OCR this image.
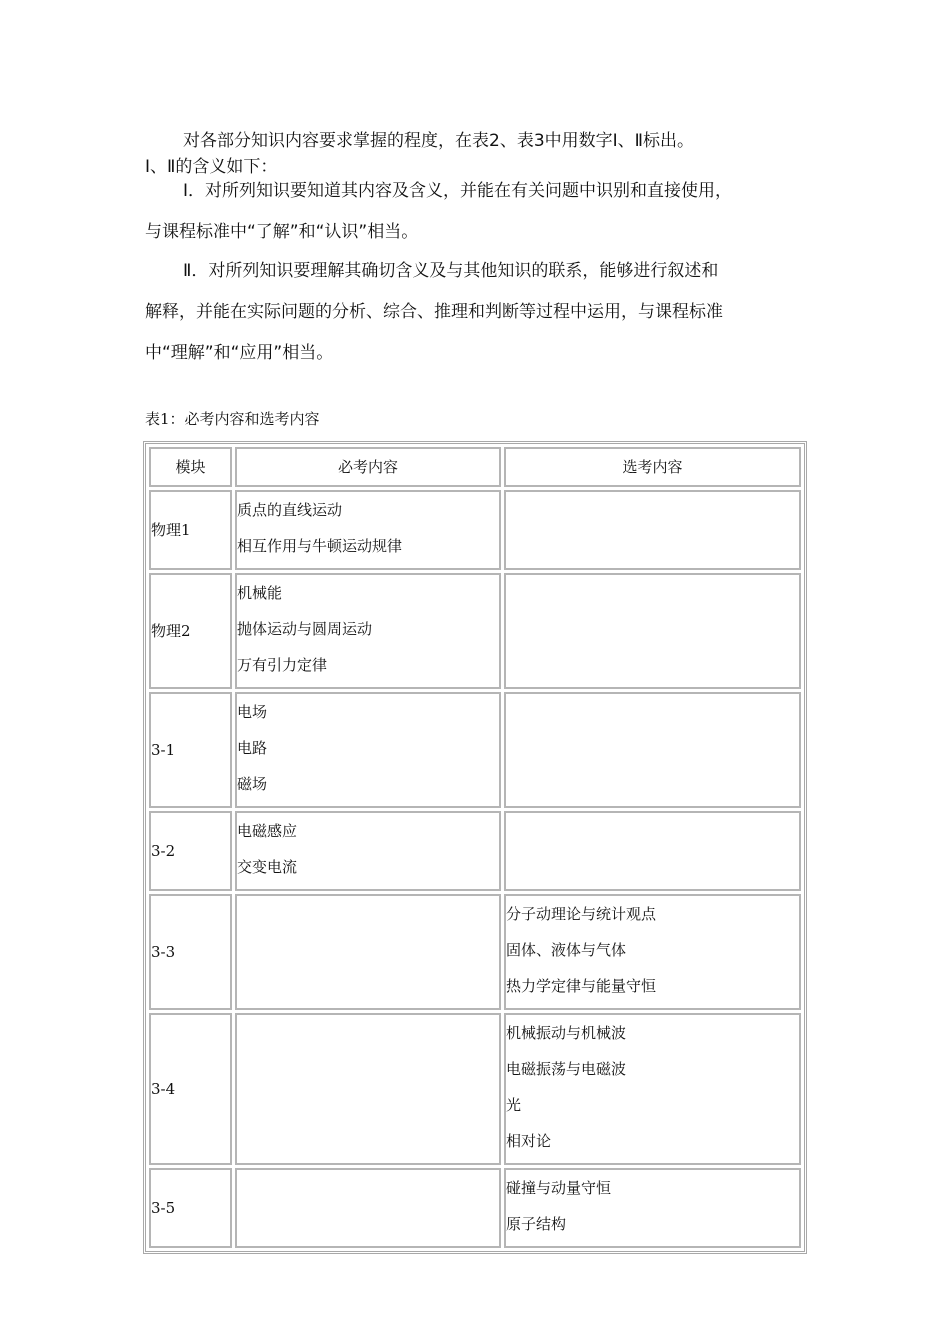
对各部分知识内容要求掌握的程度，在表2、表3中用数字Ⅰ、Ⅱ标出。

Ⅰ、Ⅱ的含义如下：

Ⅰ．对所列知识要知道其内容及含义，并能在有关问题中识别和直接使用，

与课程标准中“了解”和“认识”相当。

Ⅱ．对所列知识要理解其确切含义及与其他知识的联系，能够进行叙述和

解释，并能在实际问题的分析、综合、推理和判断等过程中运用，与课程标准

中“理解”和“应用”相当。

表1：必考内容和选考内容

模块	必考内容	选考内容
物理1	质点的直线运动
相互作用与牛顿运动规律	

物理2	机械能
抛体运动与圆周运动
万有引力定律	

3-1	电场
电路
磁场	

3-2	电磁感应
交变电流	

3-3		分子动理论与统计观点
固体、液体与气体
热力学定律与能量守恒

3-4		机械振动与机械波
电磁振荡与电磁波
光
相对论

3-5		碰撞与动量守恒
原子结构
